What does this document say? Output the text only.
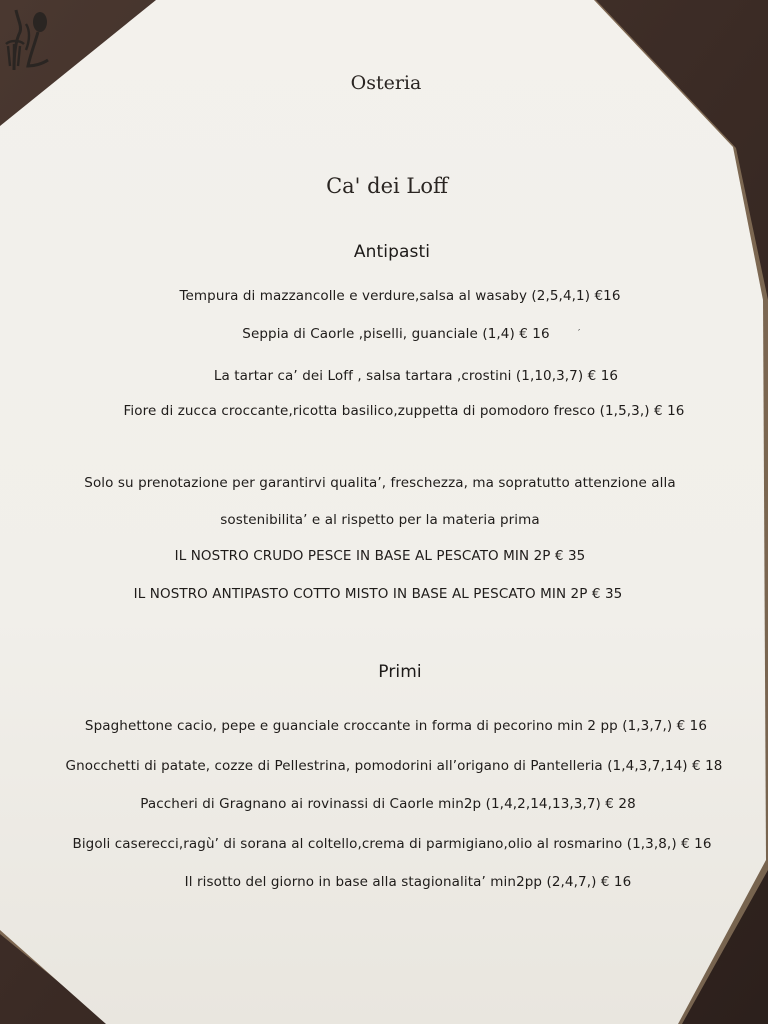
Osteria
Ca' dei Loff
Antipasti
Tempura di mazzancolle e verdure,salsa al wasaby (2,5,4,1) €16
Seppia di Caorle ,piselli, guanciale (1,4) € 16	′
La tartar ca’ dei Loff , salsa tartara ,crostini (1,10,3,7) € 16
Fiore di zucca croccante,ricotta basilico,zuppetta di pomodoro fresco (1,5,3,) € 16
Solo su prenotazione per garantirvi qualita’, freschezza, ma sopratutto attenzione alla
sostenibilita’ e al rispetto per la materia prima
IL NOSTRO CRUDO PESCE IN BASE AL PESCATO MIN 2P € 35
IL NOSTRO ANTIPASTO COTTO MISTO IN BASE AL PESCATO MIN 2P € 35
Primi
Spaghettone cacio, pepe e guanciale croccante in forma di pecorino min 2 pp (1,3,7,) € 16
Gnocchetti di patate, cozze di Pellestrina, pomodorini all’origano di Pantelleria (1,4,3,7,14) € 18
Paccheri di Gragnano ai rovinassi di Caorle min2p (1,4,2,14,13,3,7) € 28
Bigoli caserecci,ragù’ di sorana al coltello,crema di parmigiano,olio al rosmarino (1,3,8,) € 16
Il risotto del giorno in base alla stagionalita’ min2pp (2,4,7,) € 16
